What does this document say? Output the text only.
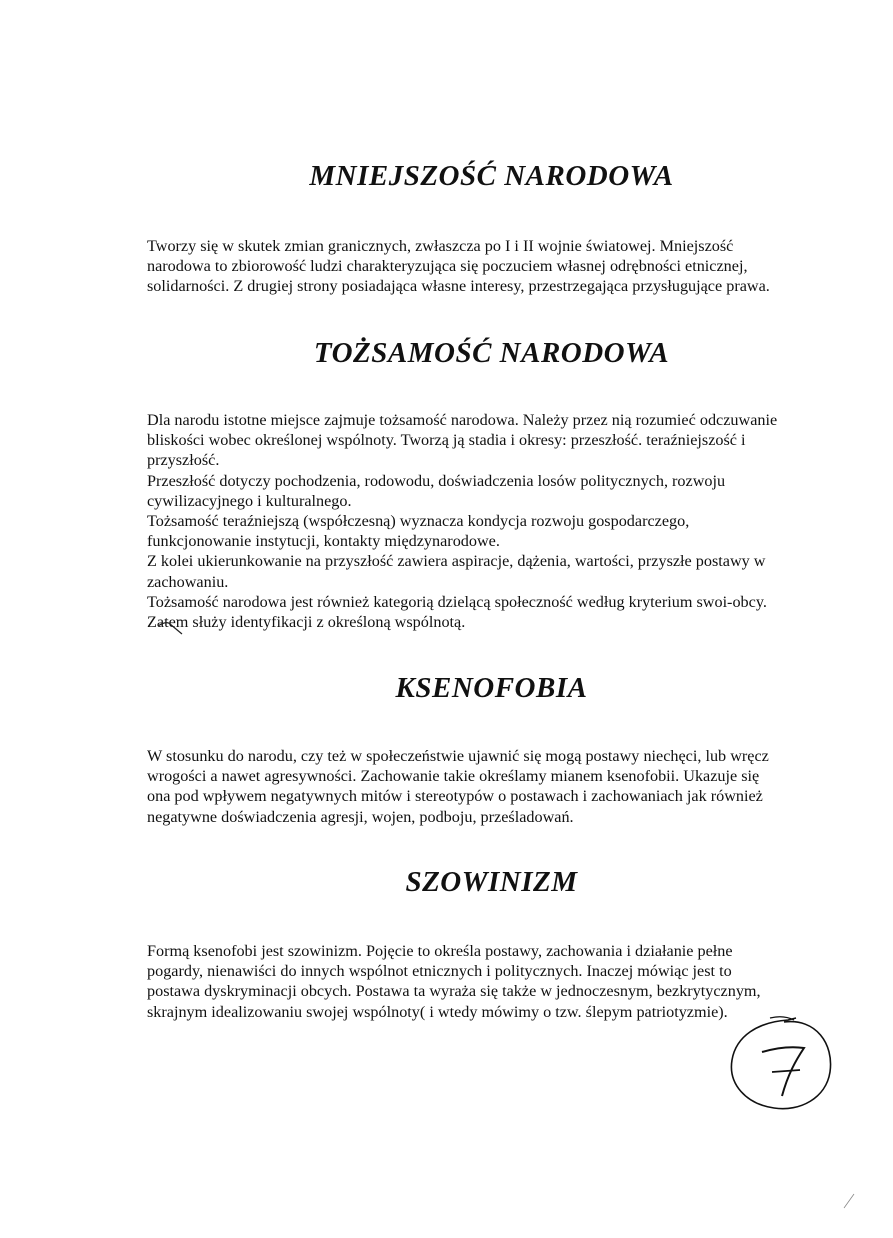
MNIEJSZOŚĆ NARODOWA

Tworzy się w skutek zmian granicznych, zwłaszcza po I i II wojnie światowej. Mniejszość
narodowa to zbiorowość ludzi charakteryzująca się poczuciem własnej odrębności etnicznej,
solidarności. Z drugiej strony posiadająca własne interesy, przestrzegająca przysługujące prawa.

TOŻSAMOŚĆ NARODOWA

Dla narodu istotne miejsce zajmuje tożsamość narodowa. Należy przez nią rozumieć odczuwanie
bliskości wobec określonej wspólnoty. Tworzą ją stadia i okresy: przeszłość. teraźniejszość i
przyszłość.
Przeszłość dotyczy pochodzenia, rodowodu, doświadczenia losów politycznych, rozwoju
cywilizacyjnego i kulturalnego.
Tożsamość teraźniejszą (współczesną) wyznacza kondycja rozwoju gospodarczego,
funkcjonowanie instytucji, kontakty międzynarodowe.
Z kolei ukierunkowanie na przyszłość zawiera aspiracje, dążenia, wartości, przyszłe postawy w
zachowaniu.
Tożsamość narodowa jest również kategorią dzielącą społeczność według kryterium swoi-obcy.
Zatem służy identyfikacji z określoną wspólnotą.

KSENOFOBIA

W stosunku do narodu, czy też w społeczeństwie ujawnić się mogą postawy niechęci, lub wręcz
wrogości a nawet agresywności. Zachowanie takie określamy mianem ksenofobii. Ukazuje się
ona pod wpływem negatywnych mitów i stereotypów o postawach i zachowaniach jak również
negatywne doświadczenia agresji, wojen, podboju, prześladowań.

SZOWINIZM

Formą ksenofobi jest szowinizm. Pojęcie to określa postawy, zachowania i działanie pełne
pogardy, nienawiści do innych wspólnot etnicznych i politycznych. Inaczej mówiąc jest to
postawa dyskryminacji obcych. Postawa ta wyraża się także w jednoczesnym, bezkrytycznym,
skrajnym idealizowaniu swojej wspólnoty( i wtedy mówimy o tzw. ślepym patriotyzmie).
